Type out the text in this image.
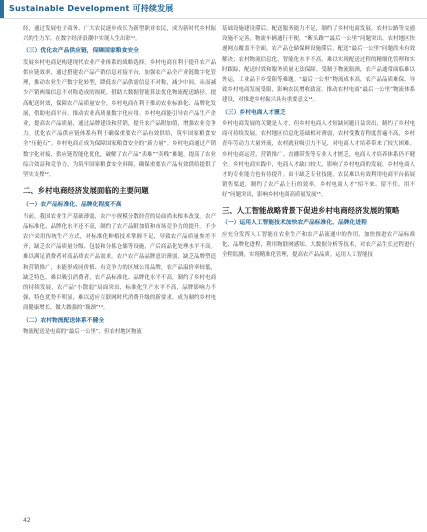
Sustainable Development 可持续发展

经，通过发展电子商务、广大农民逐步成长为新型职业农民，成为新时代乡村振兴的生力军，在数字经济浪潮中实现人生出彩¹¹。

（三）优化农产品供应链，保障国家粮食安全

发展乡村电商是构建现代农业产业体系的战略选择。乡村电商在利于提升农产品供应链效率，通过搭建农产品产销信息对接平台，加强农产品全产业链数字化管理，推动农业生产数字化转型，降低农产品供需信息不对称，减少中间、从而减少产销两端信息不对称造成的损耗。借助大数据智能算法优化物流配送路径，提高配送时效，保障农产品质量安全。乡村电商在利于推动农业标准化、品牌化发展，借助电商平台，推动农业高质量数字化应用。乡村电商能引导农产品生产企业，提高农产品质量，通过品牌建设和营销，提升农产品附加值，增强农业竞争力。优化农产品供应链体系有利于确保重要农产品有效供给，筑牢国家粮食安全“压舱石”。乡村电商正成为保障国家粮食安全的“新力量”。乡村电商通过产销数字化对接、供应链智能化优化，破解了农产品“卖难”“卖贱”难题，提高了农业综合效益和竞争力，为筑牢国家粮食安全屏障，确保重要农产品有效供给提供了坚实支撑¹²。

二、乡村电商经济发展面临的主要问题
（一）农产品标准化、品牌化程度不高

当前，我国农业生产基础薄弱，农户小规模分散经营的局面尚未根本改变。农产品标准化、品牌化水平还不高，制约了农产品附加值和市场竞争力的提升。不少农户采用传统生产方式，对标准化种植技术掌握不足，导致农产品质量参差不齐，缺乏农产品质量分级、包装和分拣仓储等设施，产后商品化处理水平不高。难以满足消费者对高品质农产品需求。农户农产品品牌意识薄弱，缺乏品牌塑造和营销推广，未能形成同价格、有竞争力的区域公用品牌，农产品溢价率较低，缺乏特色，难以吸引消费者，农产品标准化、品牌化水平不高，制约了乡村电商的持续发展，农产品“小散弱”局面突出，标准化生产水平不高，品牌影响力不强，特色优势不明显，难以适应互联网时代消费升级的新要求，成为制约乡村电商健康增长，做大做强的“瓶颈”¹³。

（二）农村物流配送体系不健全

物流配送是电商的“最后一公里”，但农村地区物流

基础设施建设滞后，配送服务能力不足，制约了乡村电商发展。农村公路等交通设施不完善，物流车辆通行不便，“断头路”“最后一公里”问题突出。农村地区快递网点覆盖不全面，农产品仓储保鲜设施滞后，配送“最后一公里”问题尚未有效解决；农村物流信息化、智能化水平不高，难以实现配送过程的精细化管理和实时跟踪，配送时效和服务质量无法保障。受制于物流瓶颈，农产品通常面临难以外运，工业品下乡受阻等难题。“最后一公里”物流成本高，农产品品质难保，导致乡村电商发展受限，影响农民增收致富。推动农村电商“最后一公里”物流体系建设，对推进乡村振兴具有重要意义¹⁴。

（三）乡村电商人才匮乏

乡村电商发展的关键是人才，但乡村电商人才短缺问题日益突出，制约了乡村电商可持续发展。农村地区信息化基础相对薄弱，农村受教育程度普遍不高，乡村青年劳动力大量外流，农村就业吸引力不足，对电商人才培养带来了较大困难。乡村电商运营、营销推广、直播带货等专业人才匮乏，电商人才培养体系仍不健全。乡村电商实践中，电商人才缺口较大，影响了乡村电商的发展，乡村电商人才的专业能力也有待提升。由于缺乏专业技能，农民难以有效利用电商平台拓展销售渠道，制约了农产品上行的效率。乡村电商人才“招不来、留不住、用不好”问题突出，影响乡村电商高质量发展¹⁵。

三、人工智能战略背景下促进乡村电商经济发展的策略
（一）运用人工智能技术加快农产品标准化、品牌化进程

应充分发挥人工智能在农业生产和农产品流通中的作用，加快推进农产品标准化、品牌化进程，利用物联网感知、大数据分析等技术，对农产品生长过程进行全程监测，实现精准化管理，提高农产品品质。运用人工智能技

42
